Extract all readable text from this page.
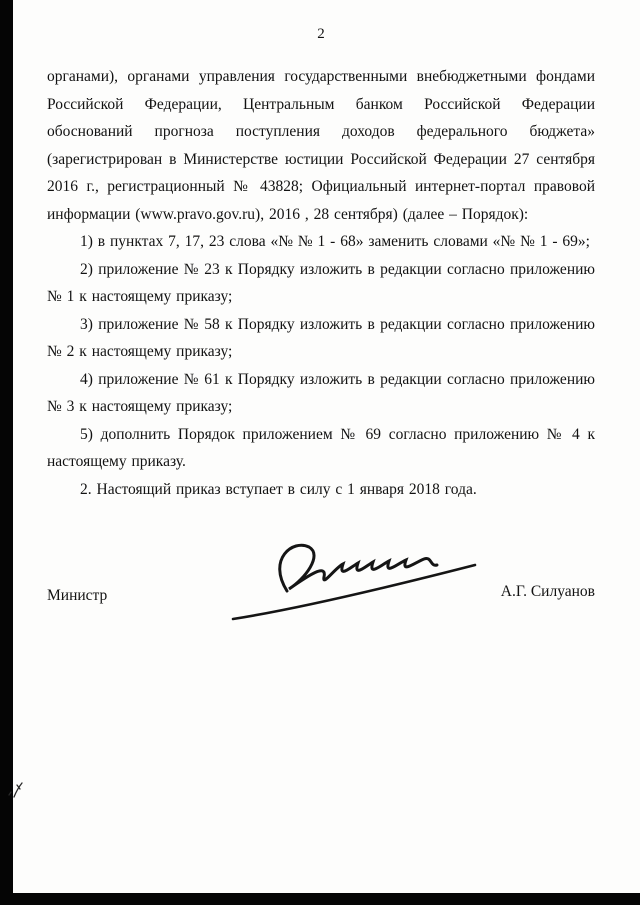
2

органами), органами управления государственными внебюджетными фондами Российской Федерации, Центральным банком Российской Федерации обоснований прогноза поступления доходов федерального бюджета» (зарегистрирован в Министерстве юстиции Российской Федерации 27 сентября 2016 г., регистрационный № 43828; Официальный интернет-портал правовой информации (www.pravo.gov.ru), 2016 , 28 сентября) (далее – Порядок):

1) в пунктах 7, 17, 23 слова «№ № 1 - 68» заменить словами «№ № 1 - 69»;

2) приложение № 23 к Порядку изложить в редакции согласно приложению № 1 к настоящему приказу;

3) приложение № 58 к Порядку изложить в редакции согласно приложению № 2 к настоящему приказу;

4) приложение № 61 к Порядку изложить в редакции согласно приложению № 3 к настоящему приказу;

5) дополнить Порядок приложением № 69 согласно приложению № 4 к настоящему приказу.

2. Настоящий приказ вступает в силу с 1 января 2018 года.

Министр	А.Г. Силуанов
